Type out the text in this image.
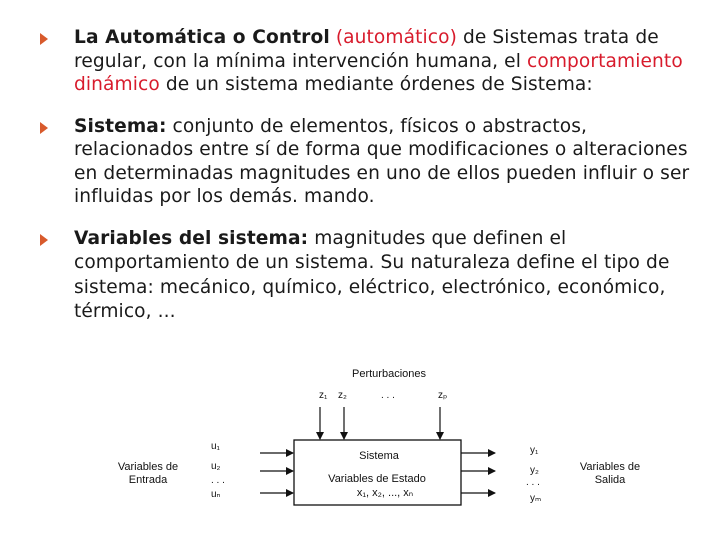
La Automática o Control (automático) de Sistemas trata de regular, con la mínima intervención humana, el comportamiento dinámico de un sistema mediante órdenes de Sistema:
Sistema: conjunto de elementos, físicos o abstractos, relacionados entre sí de forma que modificaciones o alteraciones en determinadas magnitudes en uno de ellos pueden influir o ser influidas por los demás. mando.
Variables del sistema: magnitudes que definen el comportamiento de un sistema. Su naturaleza define el tipo de sistema: mecánico, químico, eléctrico, electrónico, económico, térmico, ...
Perturbaciones
z₁ z₂	. . .	zₚ
Sistema
Variables de Estado
x₁, x₂, ..., xₙ
Variables de
Entrada
u₁
u₂
. . .
uₙ
y₁
y₂
. . .
yₘ
Variables de
Salida
